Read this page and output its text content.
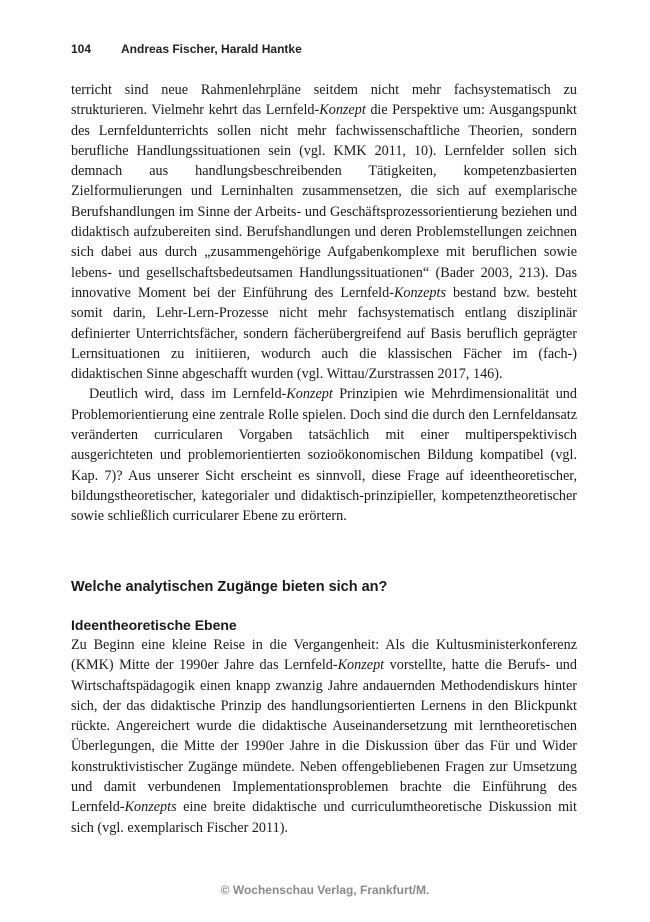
104 Andreas Fischer, Harald Hantke

terricht sind neue Rahmenlehrpläne seitdem nicht mehr fachsystematisch zu strukturieren. Vielmehr kehrt das Lernfeld-Konzept die Perspektive um: Ausgangspunkt des Lernfeldunterrichts sollen nicht mehr fachwissenschaftliche Theorien, sondern berufliche Handlungssituationen sein (vgl. KMK 2011, 10). Lernfelder sollen sich demnach aus handlungsbeschreibenden Tätigkeiten, kompetenzbasierten Zielformulierungen und Lerninhalten zusammensetzen, die sich auf exemplarische Berufshandlungen im Sinne der Arbeits- und Geschäftsprozessorientierung beziehen und didaktisch aufzubereiten sind. Berufshandlungen und deren Problemstellungen zeichnen sich dabei aus durch „zusammengehörige Aufgabenkomplexe mit beruflichen sowie lebens- und gesellschaftsbedeutsamen Handlungssituationen“ (Bader 2003, 213). Das innovative Moment bei der Einführung des Lernfeld-Konzepts bestand bzw. besteht somit darin, Lehr-Lern-Prozesse nicht mehr fachsystematisch entlang disziplinär definierter Unterrichtsfächer, sondern fächerübergreifend auf Basis beruflich geprägter Lernsituationen zu initiieren, wodurch auch die klassischen Fächer im (fach-) didaktischen Sinne abgeschafft wurden (vgl. Wittau/Zurstrassen 2017, 146).

Deutlich wird, dass im Lernfeld-Konzept Prinzipien wie Mehrdimensionalität und Problemorientierung eine zentrale Rolle spielen. Doch sind die durch den Lernfeldansatz veränderten curricularen Vorgaben tatsächlich mit einer multiperspektivisch ausgerichteten und problemorientierten sozioökonomischen Bildung kompatibel (vgl. Kap. 7)? Aus unserer Sicht erscheint es sinnvoll, diese Frage auf ideentheoretischer, bildungstheoretischer, kategorialer und didaktisch-prinzipieller, kompetenztheoretischer sowie schließlich curricularer Ebene zu erörtern.

Welche analytischen Zugänge bieten sich an?
Ideentheoretische Ebene

Zu Beginn eine kleine Reise in die Vergangenheit: Als die Kultusministerkonferenz (KMK) Mitte der 1990er Jahre das Lernfeld-Konzept vorstellte, hatte die Berufs- und Wirtschaftspädagogik einen knapp zwanzig Jahre andauernden Methodendiskurs hinter sich, der das didaktische Prinzip des handlungsorientierten Lernens in den Blickpunkt rückte. Angereichert wurde die didaktische Auseinandersetzung mit lerntheoretischen Überlegungen, die Mitte der 1990er Jahre in die Diskussion über das Für und Wider konstruktivistischer Zugänge mündete. Neben offengebliebenen Fragen zur Umsetzung und damit verbundenen Implementationsproblemen brachte die Einführung des Lernfeld-Konzepts eine breite didaktische und curriculumtheoretische Diskussion mit sich (vgl. exemplarisch Fischer 2011).

© Wochenschau Verlag, Frankfurt/M.
